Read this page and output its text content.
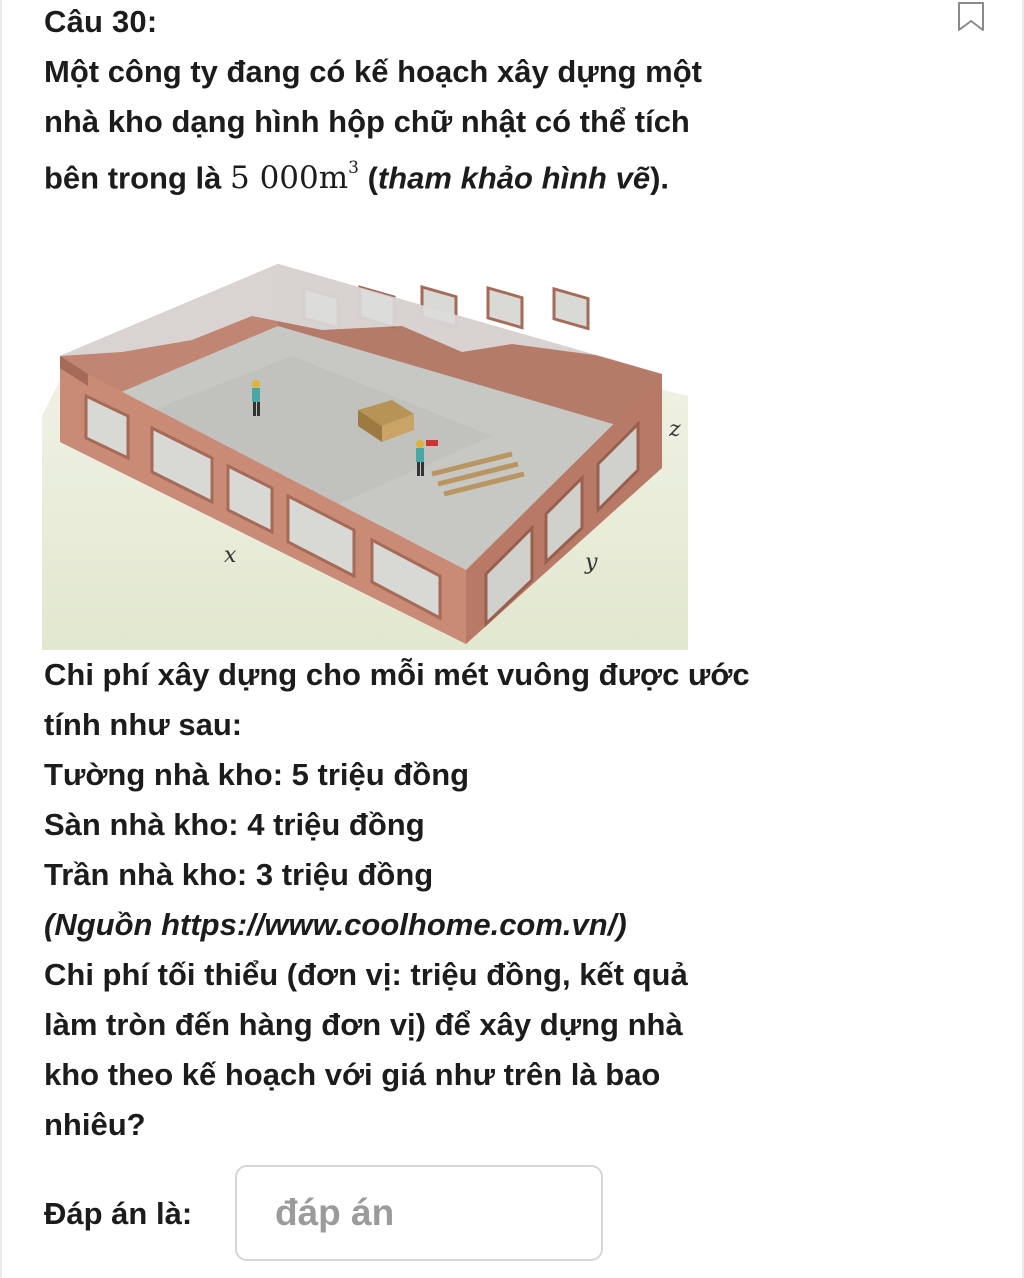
Câu 30:
Một công ty đang có kế hoạch xây dựng một
nhà kho dạng hình hộp chữ nhật có thể tích
bên trong là 5 $000m^3$ (tham khảo hình vẽ).
x	y
z
Chi phí xây dựng cho mỗi mét vuông được ước
tính như sau:
Tường nhà kho: 5 triệu đồng
Sàn nhà kho: 4 triệu đồng
Trần nhà kho: 3 triệu đồng
(Nguồn https://www.coolhome.com.vn/)
Chi phí tối thiểu (đơn vị: triệu đồng, kết quả
làm tròn đến hàng đơn vị) để xây dựng nhà
kho theo kế hoạch với giá như trên là bao
nhiêu?
Đáp án là:
đáp án
